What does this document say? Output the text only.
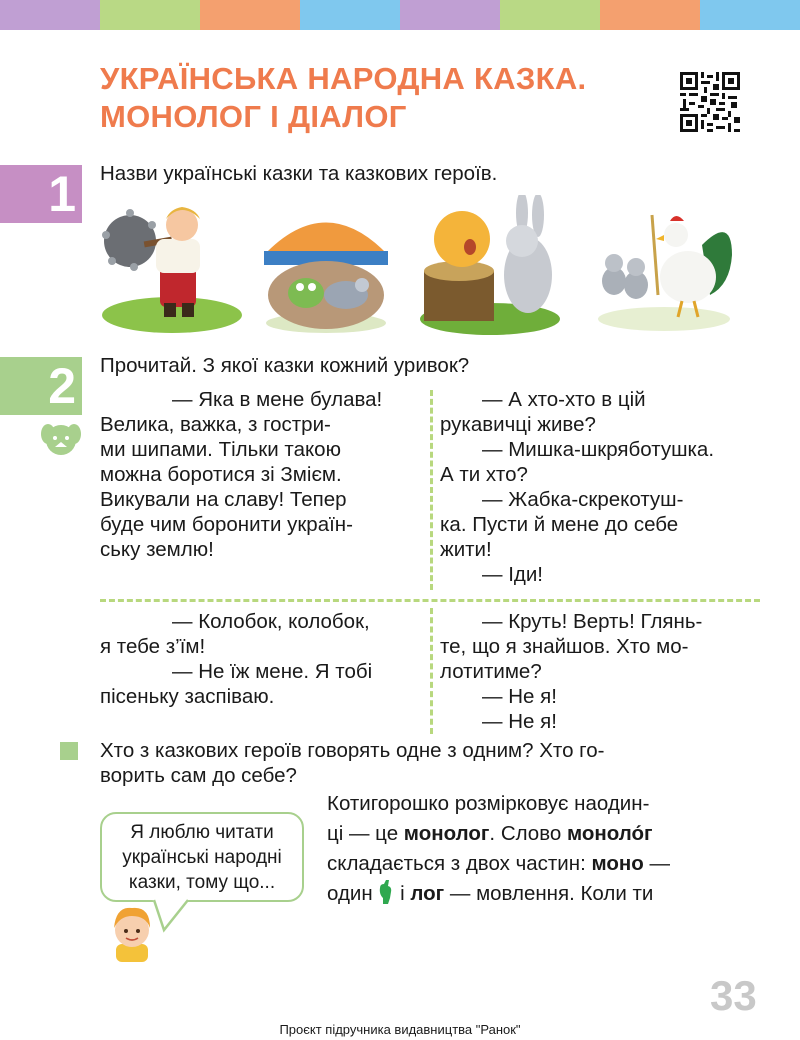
УКРАЇНСЬКА НАРОДНА КАЗКА.
МОНОЛОГ І ДІАЛОГ
1 Назви українські казки та казкових героїв.
2 Прочитай. З якої казки кожний уривок?

— Яка в мене булава!

Велика, важка, з гостри-

ми шипами. Тільки такою

можна боротися зі Змієм.

Викували на славу! Тепер

буде чим боронити україн-

ську землю!

— А хто-хто в цій

рукавичці живе?

— Мишка-шкряботушка.

А ти хто?

— Жабка-скрекотуш-

ка. Пусти й мене до себе

жити!

— Іди!

— Колобок, колобок,

я тебе з’їм!

— Не їж мене. Я тобі

пісеньку заспіваю.

— Круть! Верть! Глянь-

те, що я знайшов. Хто мо-

лотитиме?

— Не я!

— Не я!

Хто з казкових героїв говорять одне з одним? Хто го-
ворить сам до себе?
Я люблю читати
українські народні
казки, тому що...
Котигорошко розмірковує наодин-
ці — це монолог. Слово моноло́г
складається з двох частин: моно —
один  і лог — мовлення. Коли ти
33
Проєкт підручника видавництва "Ранок"
